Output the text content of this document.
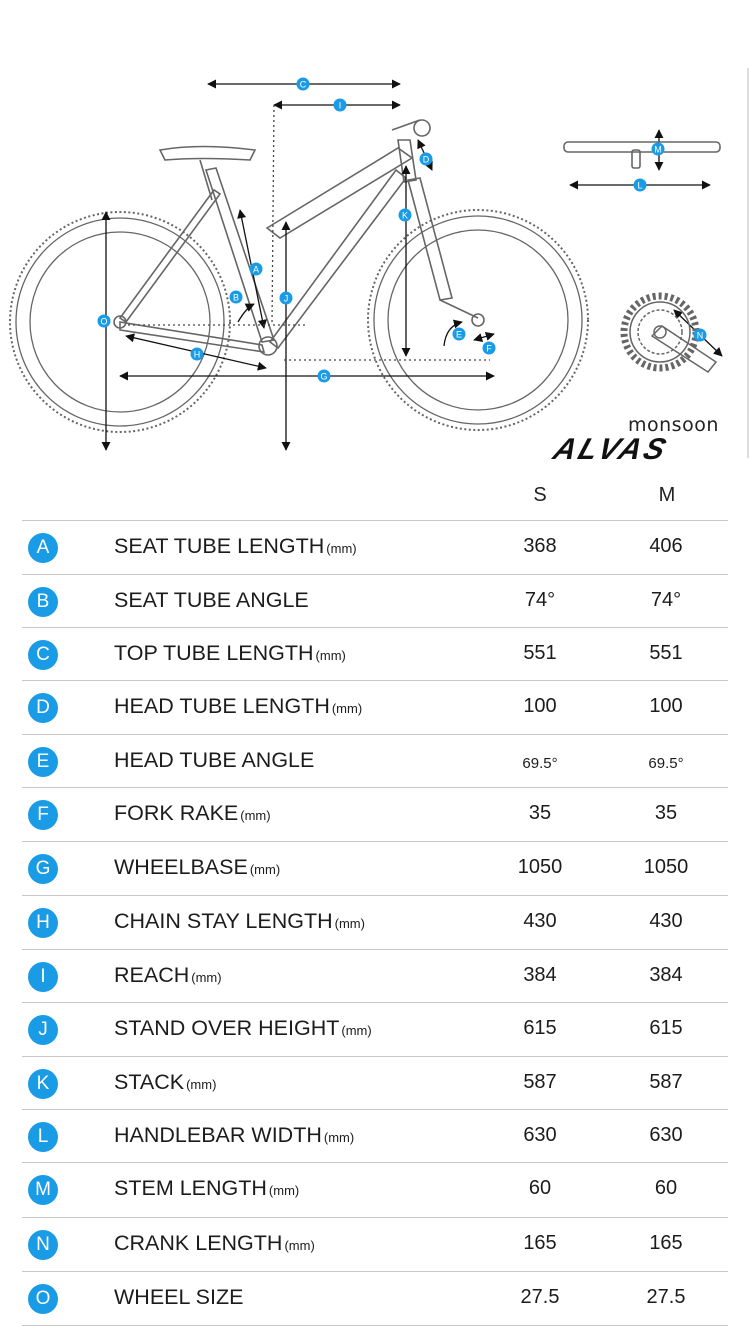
C
I
D
K
A
J
B
O
E
F
H
G
M
L
N
monsoon
ALVAS
S	M
A	SEAT TUBE LENGTH (mm)	368	406
B	SEAT TUBE ANGLE	74°	74°
C	TOP TUBE LENGTH (mm)	551	551
D	HEAD TUBE LENGTH (mm)	100	100
E	HEAD TUBE ANGLE	69.5°	69.5°
F	FORK RAKE (mm)	35	35
G	WHEELBASE (mm)	1050	1050
H	CHAIN STAY LENGTH (mm)	430	430
I	REACH (mm)	384	384
J	STAND OVER HEIGHT (mm)	615	615
K	STACK (mm)	587	587
L	HANDLEBAR WIDTH (mm)	630	630
M	STEM LENGTH (mm)	60	60
N	CRANK LENGTH (mm)	165	165
O	WHEEL SIZE	27.5	27.5
